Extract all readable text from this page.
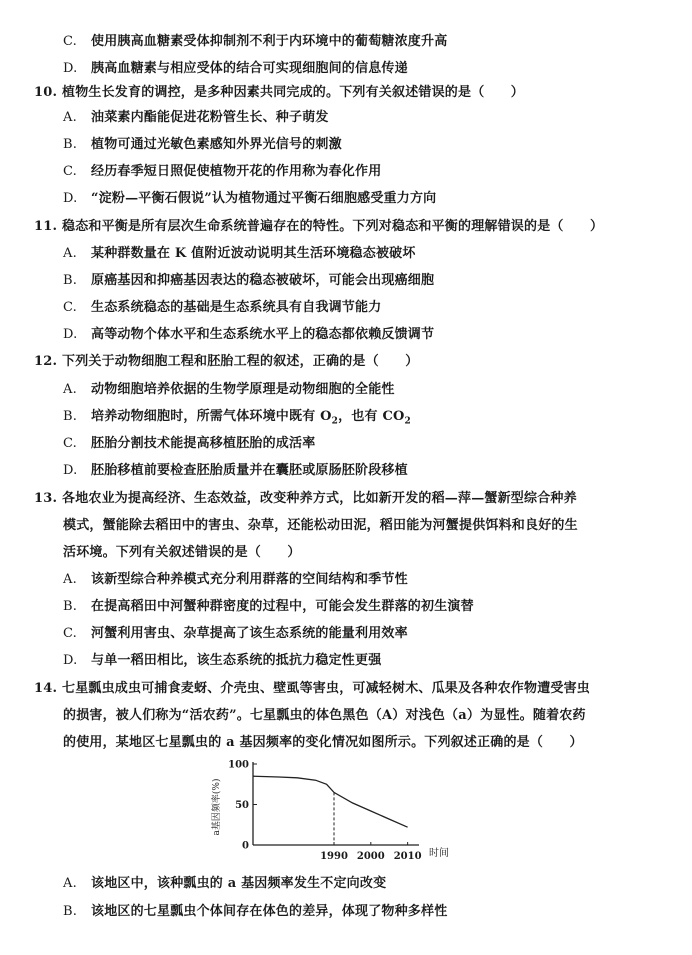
C. 使用胰高血糖素受体抑制剂不利于内环境中的葡萄糖浓度升高
D. 胰高血糖素与相应受体的结合可实现细胞间的信息传递
10. 植物生长发育的调控，是多种因素共同完成的。下列有关叙述错误的是（　　）
A. 油菜素内酯能促进花粉管生长、种子萌发
B. 植物可通过光敏色素感知外界光信号的刺激
C. 经历春季短日照促使植物开花的作用称为春化作用
D. “淀粉—平衡石假说”认为植物通过平衡石细胞感受重力方向
11. 稳态和平衡是所有层次生命系统普遍存在的特性。下列对稳态和平衡的理解错误的是（　　）
A. 某种群数量在 K 值附近波动说明其生活环境稳态被破坏
B. 原癌基因和抑癌基因表达的稳态被破坏，可能会出现癌细胞
C. 生态系统稳态的基础是生态系统具有自我调节能力
D. 高等动物个体水平和生态系统水平上的稳态都依赖反馈调节
12. 下列关于动物细胞工程和胚胎工程的叙述，正确的是（　　）
A. 动物细胞培养依据的生物学原理是动物细胞的全能性
B. 培养动物细胞时，所需气体环境中既有 $O_2$，也有 $CO_2$
C. 胚胎分割技术能提高移植胚胎的成活率
D. 胚胎移植前要检查胚胎质量并在囊胚或原肠胚阶段移植
13. 各地农业为提高经济、生态效益，改变种养方式，比如新开发的稻—萍—蟹新型综合种养
模式，蟹能除去稻田中的害虫、杂草，还能松动田泥，稻田能为河蟹提供饵料和良好的生
活环境。下列有关叙述错误的是（　　）
A. 该新型综合种养模式充分利用群落的空间结构和季节性
B. 在提高稻田中河蟹种群密度的过程中，可能会发生群落的初生演替
C. 河蟹利用害虫、杂草提高了该生态系统的能量利用效率
D. 与单一稻田相比，该生态系统的抵抗力稳定性更强
14. 七星瓢虫成虫可捕食麦蚜、介壳虫、壁虱等害虫，可减轻树木、瓜果及各种农作物遭受害虫
的损害，被人们称为“活农药”。七星瓢虫的体色黑色（A）对浅色（a）为显性。随着农药
的使用，某地区七星瓢虫的 a 基因频率的变化情况如图所示。下列叙述正确的是（　　）
100
50
0
1990 2000 2010
a基因频率(%)
时间
A. 该地区中，该种瓢虫的 a 基因频率发生不定向改变
B. 该地区的七星瓢虫个体间存在体色的差异，体现了物种多样性
